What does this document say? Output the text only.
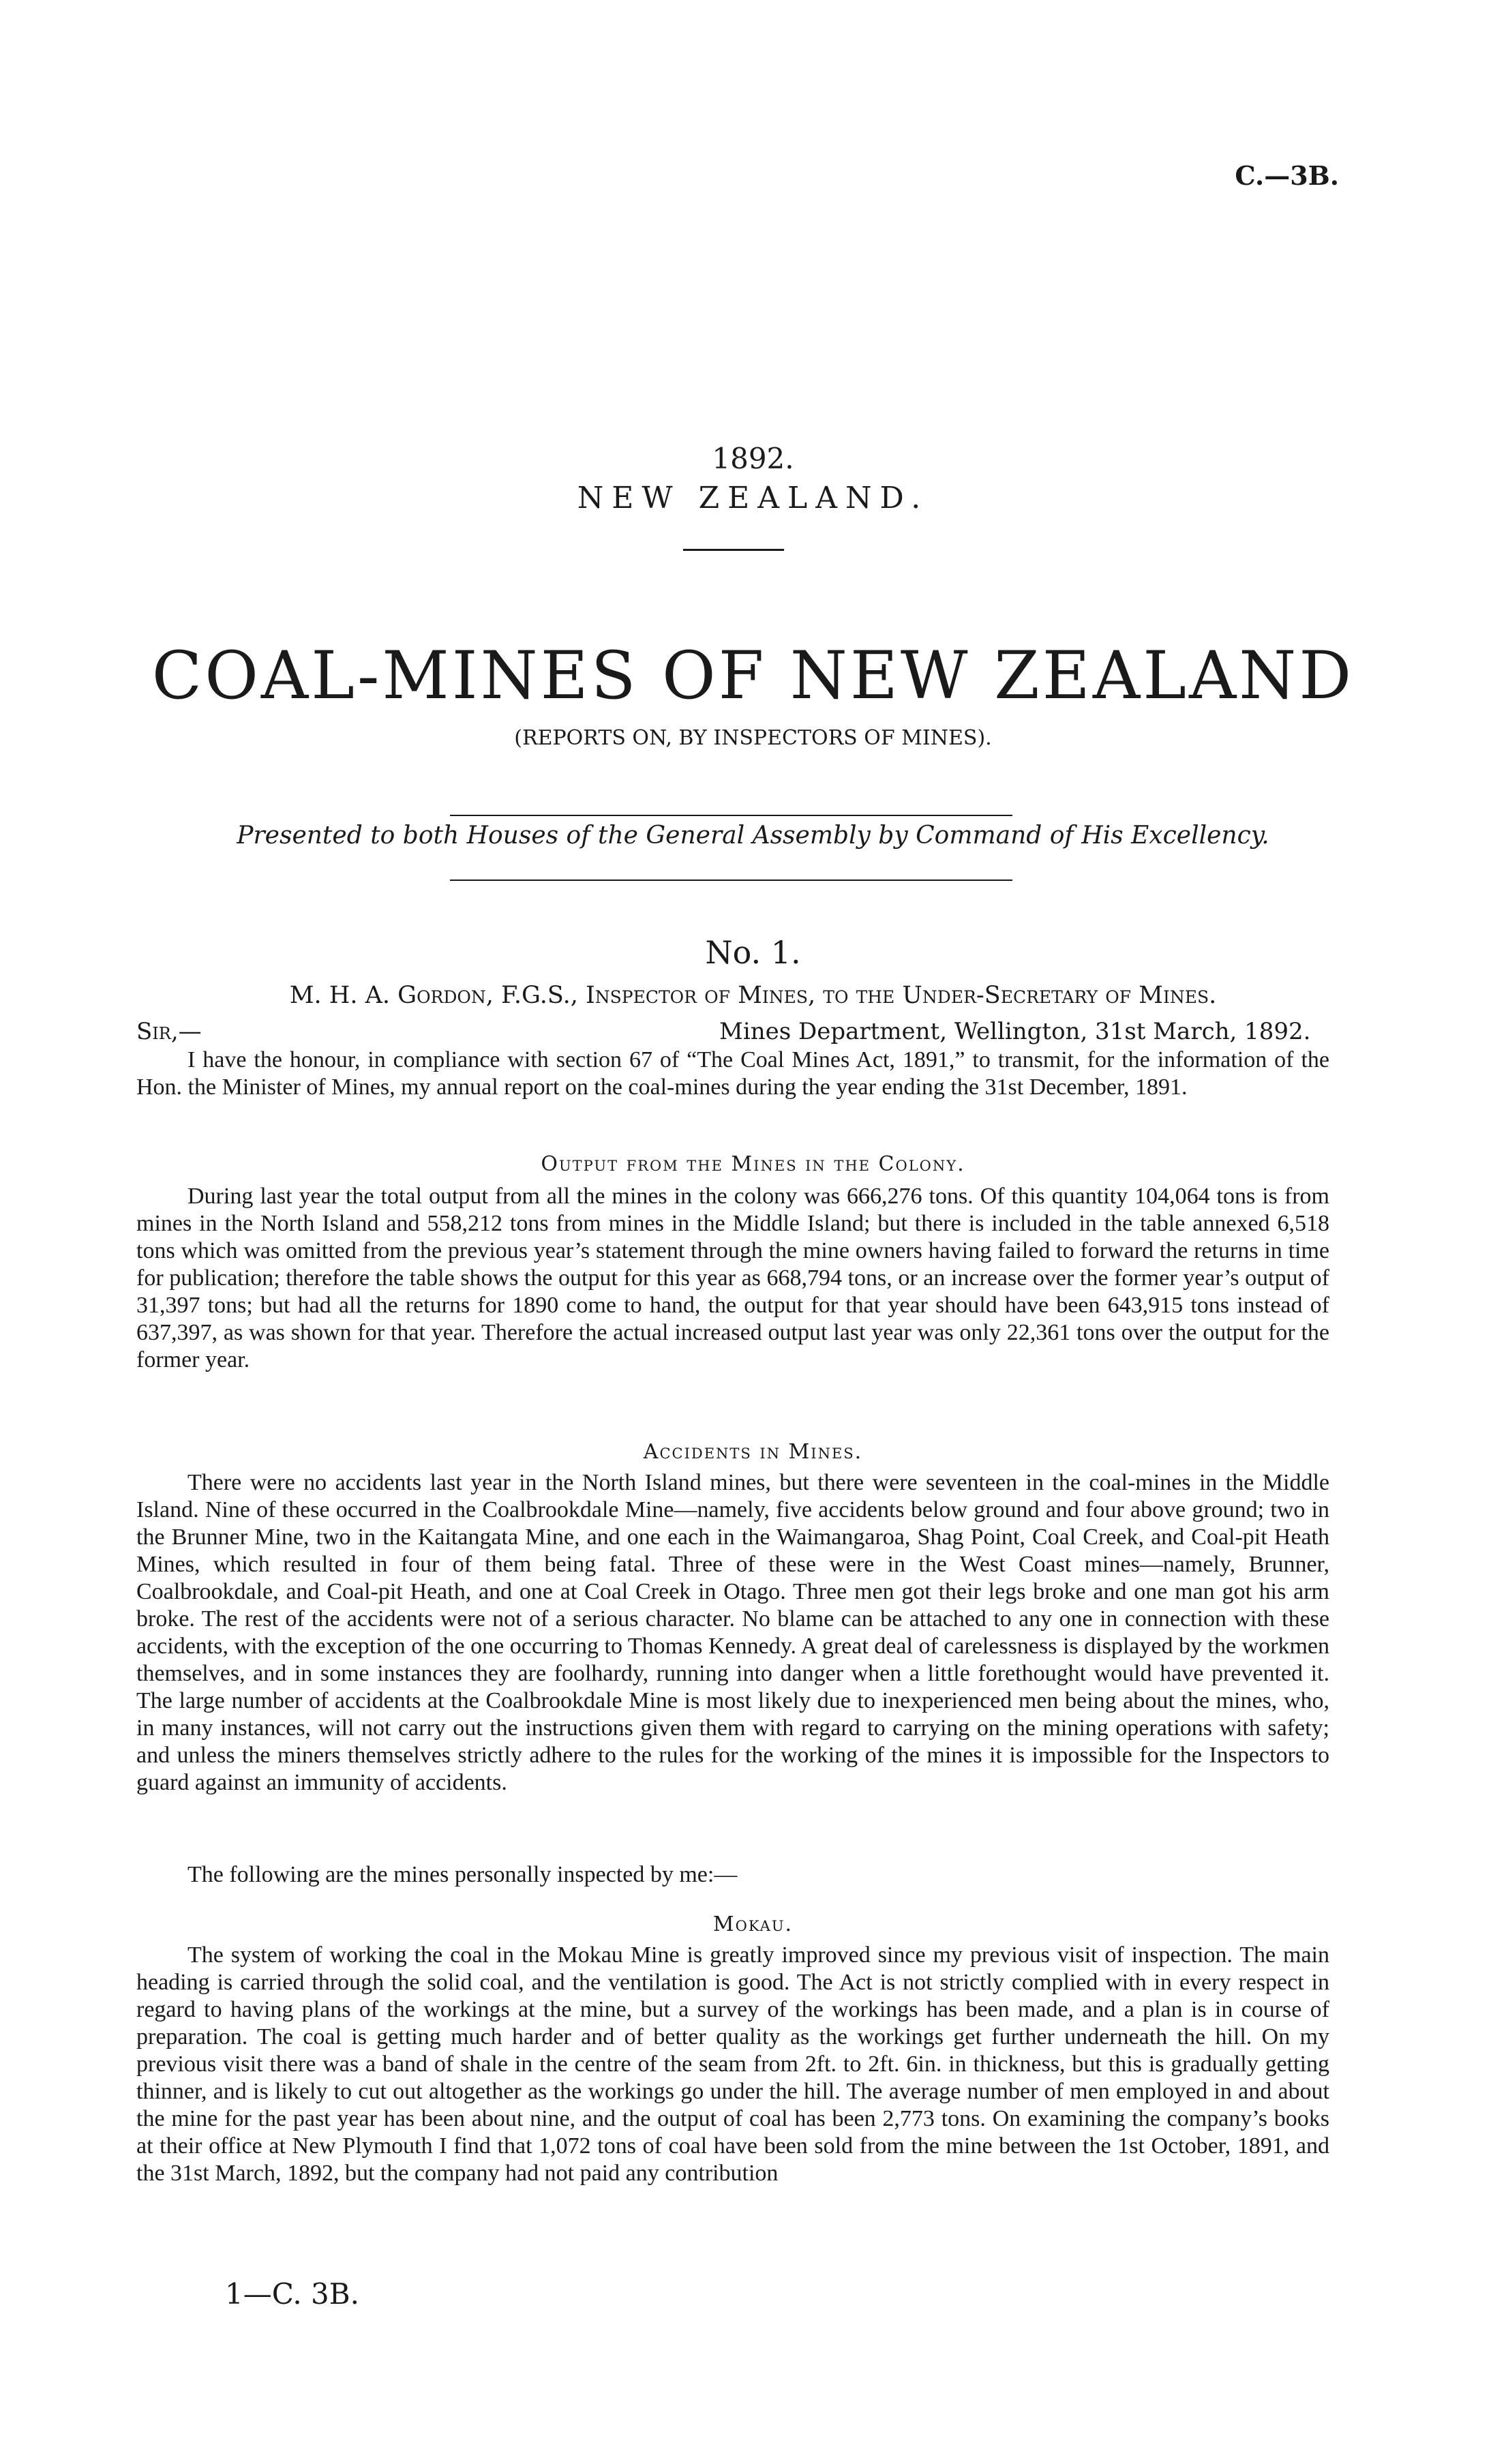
C.—3B.
1892.
NEW ZEALAND.
COAL-MINES OF NEW ZEALAND
(REPORTS ON, BY INSPECTORS OF MINES).
Presented to both Houses of the General Assembly by Command of His Excellency.
No. 1.
M. H. A. Gordon, F.G.S., Inspector of Mines, to the Under-Secretary of Mines.
Sir,—	Mines Department, Wellington, 31st March, 1892.
I have the honour, in compliance with section 67 of “The Coal Mines Act, 1891,” to transmit, for the information of the Hon. the Minister of Mines, my annual report on the coal-mines during the year ending the 31st December, 1891.
Output from the Mines in the Colony.
During last year the total output from all the mines in the colony was 666,276 tons. Of this quantity 104,064 tons is from mines in the North Island and 558,212 tons from mines in the Middle Island; but there is included in the table annexed 6,518 tons which was omitted from the previous year’s statement through the mine owners having failed to forward the returns in time for publication; therefore the table shows the output for this year as 668,794 tons, or an increase over the former year’s output of 31,397 tons; but had all the returns for 1890 come to hand, the output for that year should have been 643,915 tons instead of 637,397, as was shown for that year. Therefore the actual increased output last year was only 22,361 tons over the output for the former year.
Accidents in Mines.
There were no accidents last year in the North Island mines, but there were seventeen in the coal-mines in the Middle Island. Nine of these occurred in the Coalbrookdale Mine—namely, five accidents below ground and four above ground; two in the Brunner Mine, two in the Kaitangata Mine, and one each in the Waimangaroa, Shag Point, Coal Creek, and Coal-pit Heath Mines, which resulted in four of them being fatal. Three of these were in the West Coast mines—namely, Brunner, Coalbrookdale, and Coal-pit Heath, and one at Coal Creek in Otago. Three men got their legs broke and one man got his arm broke. The rest of the accidents were not of a serious character. No blame can be attached to any one in connection with these accidents, with the exception of the one occurring to Thomas Kennedy. A great deal of carelessness is displayed by the workmen themselves, and in some instances they are foolhardy, running into danger when a little forethought would have prevented it. The large number of accidents at the Coalbrookdale Mine is most likely due to inexperienced men being about the mines, who, in many instances, will not carry out the instructions given them with regard to carrying on the mining operations with safety; and unless the miners themselves strictly adhere to the rules for the working of the mines it is impossible for the Inspectors to guard against an immunity of accidents.
The following are the mines personally inspected by me:—
Mokau.
The system of working the coal in the Mokau Mine is greatly improved since my previous visit of inspection. The main heading is carried through the solid coal, and the ventilation is good. The Act is not strictly complied with in every respect in regard to having plans of the workings at the mine, but a survey of the workings has been made, and a plan is in course of preparation. The coal is getting much harder and of better quality as the workings get further underneath the hill. On my previous visit there was a band of shale in the centre of the seam from 2ft. to 2ft. 6in. in thickness, but this is gradually getting thinner, and is likely to cut out altogether as the workings go under the hill. The average number of men employed in and about the mine for the past year has been about nine, and the output of coal has been 2,773 tons. On examining the company’s books at their office at New Plymouth I find that 1,072 tons of coal have been sold from the mine between the 1st October, 1891, and the 31st March, 1892, but the company had not paid any contribution
1—C. 3B.
